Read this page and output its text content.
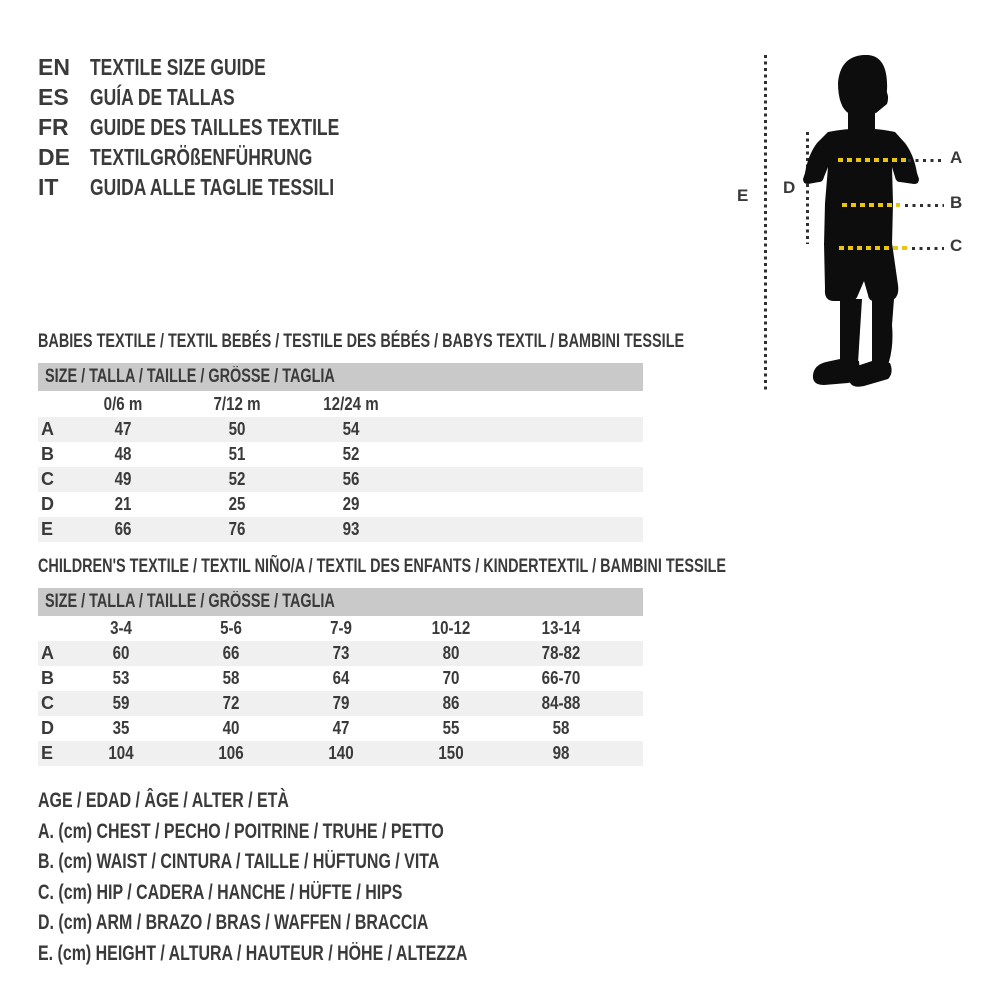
EN TEXTILE SIZE GUIDE
ES GUÍA DE TALLAS
FR GUIDE DES TAILLES TEXTILE
DE TEXTILGRÖßENFÜHRUNG
IT	GUIDA ALLE TAGLIE TESSILI	E D
A
B
C
BABIES TEXTILE / TEXTIL BEBÉS / TESTILE DES BÉBÉS / BABYS TEXTIL / BAMBINI TESSILE
SIZE / TALLA / TAILLE / GRÖSSE / TAGLIA
0/6 m	7/12 m	12/24 m
A	47	50	54
B	48	51	52
C	49	52	56
D	21	25	29
E	66	76	93
CHILDREN'S TEXTILE / TEXTIL NIÑO/A / TEXTIL DES ENFANTS / KINDERTEXTIL / BAMBINI TESSILE
SIZE / TALLA / TAILLE / GRÖSSE / TAGLIA
3-4	5-6	7-9	10-12	13-14
A	60	66	73	80	78-82
B	53	58	64	70	66-70
C	59	72	79	86	84-88
D	35	40	47	55	58
E	104	106	140	150	98
AGE / EDAD / ÂGE / ALTER / ETÀ
A. (cm) CHEST / PECHO / POITRINE / TRUHE / PETTO
B. (cm) WAIST / CINTURA / TAILLE / HÜFTUNG / VITA
C. (cm) HIP / CADERA / HANCHE / HÜFTE / HIPS
D. (cm) ARM / BRAZO / BRAS / WAFFEN / BRACCIA
E. (cm) HEIGHT / ALTURA / HAUTEUR / HÖHE / ALTEZZA
